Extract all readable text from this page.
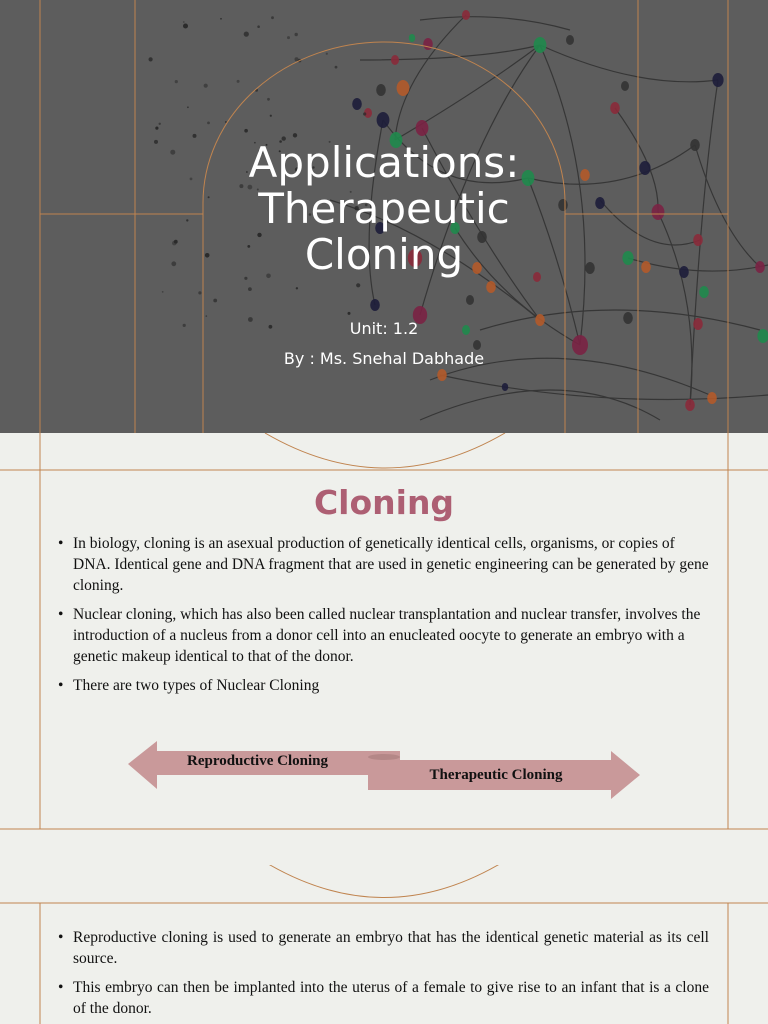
Applications:
Therapeutic
Cloning
Unit: 1.2
By : Ms. Snehal Dabhade
Cloning
• In biology, cloning is an asexual production of genetically identical cells, organisms, or copies of DNA. Identical gene and DNA fragment that are used in genetic engineering can be generated by gene cloning.
• Nuclear cloning, which has also been called nuclear transplantation and nuclear transfer, involves the introduction of a nucleus from a donor cell into an enucleated oocyte to generate an embryo with a genetic makeup identical to that of the donor.
• There are two types of Nuclear Cloning
Reproductive Cloning
Therapeutic Cloning
• Reproductive cloning is used to generate an embryo that has the identical genetic material as its cell source.
• This embryo can then be implanted into the uterus of a female to give rise to an infant that is a clone of the donor.
